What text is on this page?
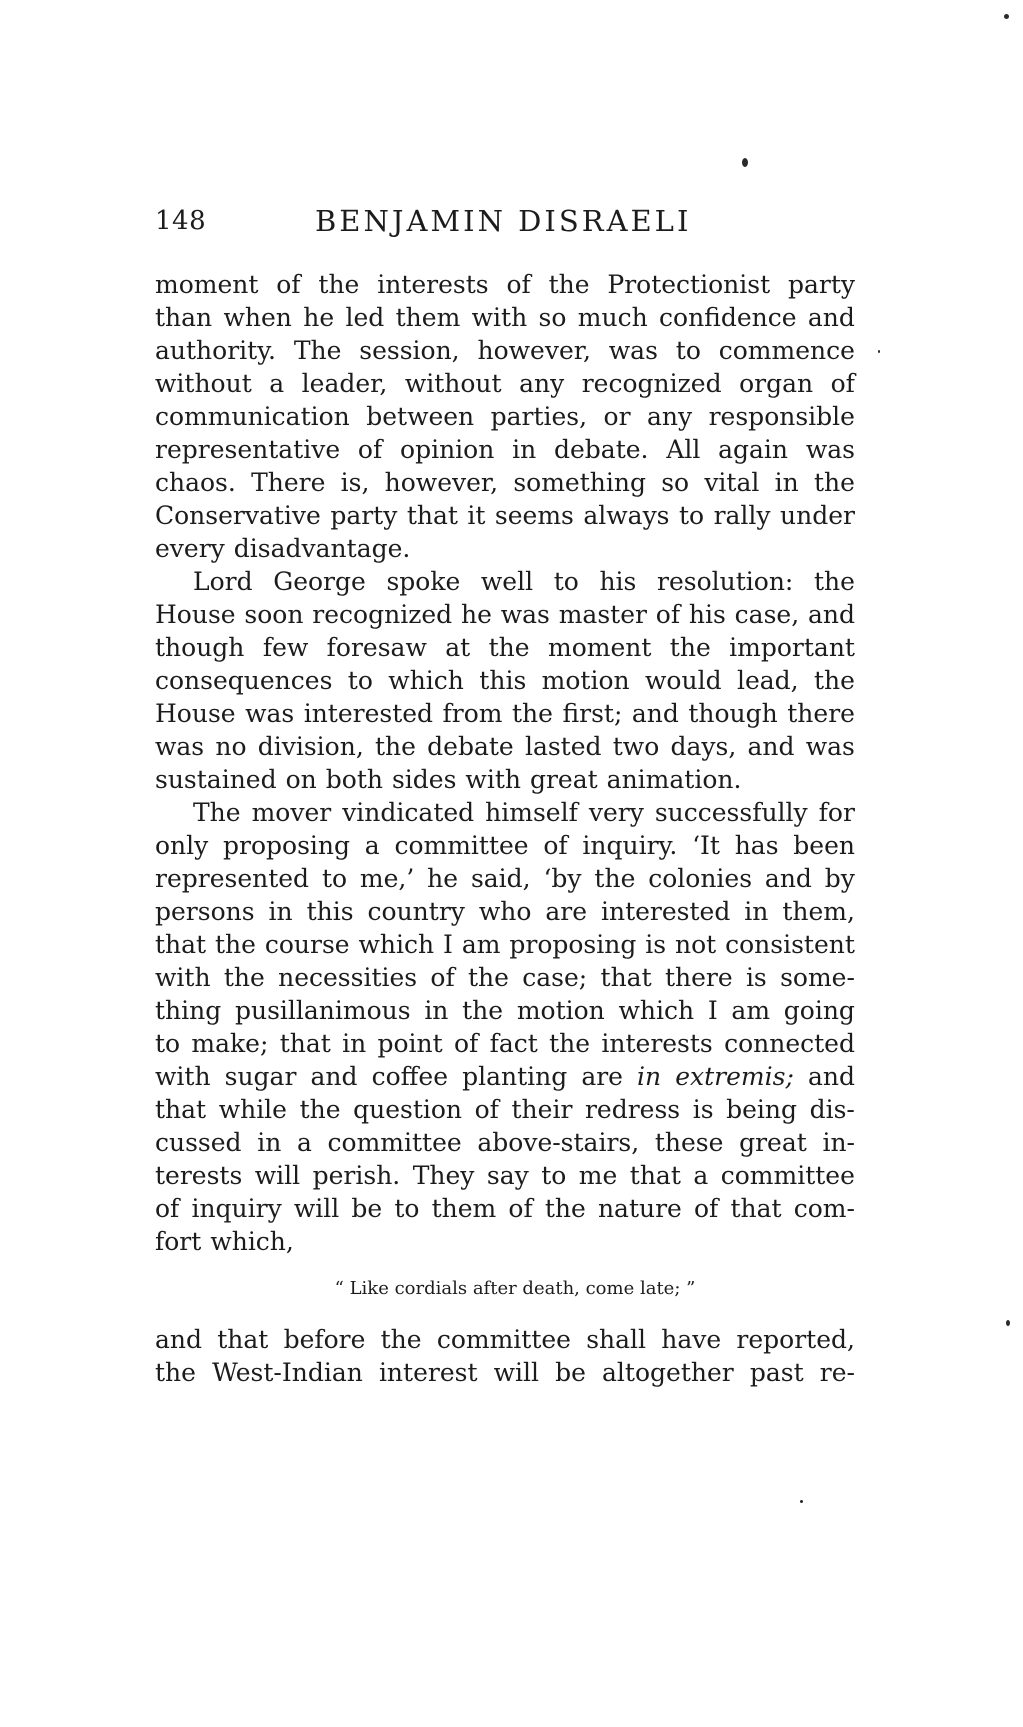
148	BENJAMIN DISRAELI
moment of the interests of the Protectionist party
than when he led them with so much confidence and
authority. The session, however, was to commence
without a leader, without any recognized organ of
communication between parties, or any responsible
representative of opinion in debate. All again was
chaos. There is, however, something so vital in the
Conservative party that it seems always to rally under
every disadvantage.
Lord George spoke well to his resolution: the
House soon recognized he was master of his case, and
though few foresaw at the moment the important
consequences to which this motion would lead, the
House was interested from the first; and though there
was no division, the debate lasted two days, and was
sustained on both sides with great animation.
The mover vindicated himself very successfully for
only proposing a committee of inquiry. ‘It has been
represented to me,’ he said, ‘by the colonies and by
persons in this country who are interested in them,
that the course which I am proposing is not consistent
with the necessities of the case; that there is some-
thing pusillanimous in the motion which I am going
to make; that in point of fact the interests connected
with sugar and coffee planting are in extremis; and
that while the question of their redress is being dis-
cussed in a committee above-stairs, these great in-
terests will perish. They say to me that a committee
of inquiry will be to them of the nature of that com-
fort which,
“ Like cordials after death, come late; ”
and that before the committee shall have reported,
the West-Indian interest will be altogether past re-
